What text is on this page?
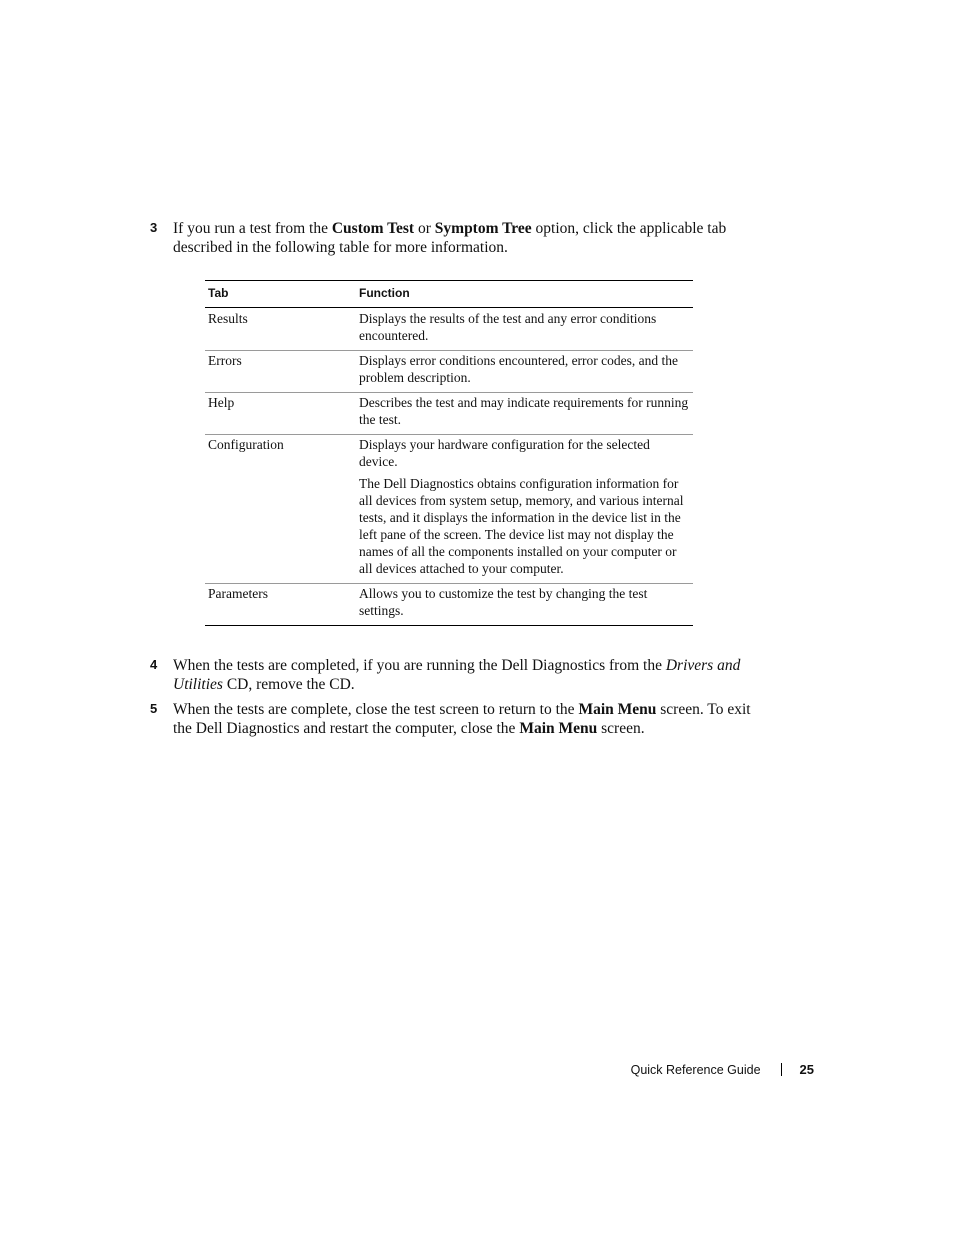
3 If you run a test from the Custom Test or Symptom Tree option, click the applicable tab described in the following table for more information.
Tab	Function
Results	Displays the results of the test and any error conditions encountered.
Errors	Displays error conditions encountered, error codes, and the problem description.
Help	Describes the test and may indicate requirements for running the test.
Configuration	Displays your hardware configuration for the selected device.
The Dell Diagnostics obtains configuration information for all devices from system setup, memory, and various internal tests, and it displays the information in the device list in the left pane of the screen. The device list may not display the names of all the components installed on your computer or all devices attached to your computer.

Parameters	Allows you to customize the test by changing the test settings.
4 When the tests are completed, if you are running the Dell Diagnostics from the Drivers and Utilities CD, remove the CD.
5 When the tests are complete, close the test screen to return to the Main Menu screen. To exit the Dell Diagnostics and restart the computer, close the Main Menu screen.
Quick Reference Guide	25
